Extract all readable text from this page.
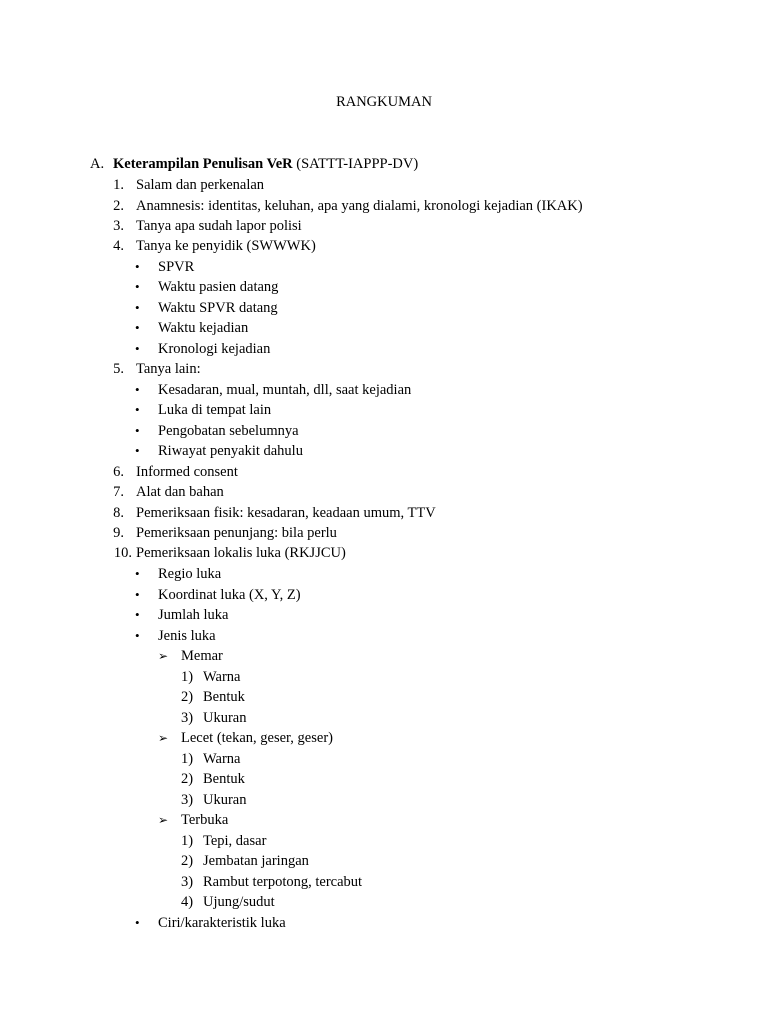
RANGKUMAN
A. Keterampilan Penulisan VeR (SATTT-IAPPP-DV)
1. Salam dan perkenalan
2. Anamnesis: identitas, keluhan, apa yang dialami, kronologi kejadian (IKAK)
3. Tanya apa sudah lapor polisi
4. Tanya ke penyidik (SWWWK)
• SPVR
• Waktu pasien datang
• Waktu SPVR datang
• Waktu kejadian
• Kronologi kejadian
5. Tanya lain:
• Kesadaran, mual, muntah, dll, saat kejadian
• Luka di tempat lain
• Pengobatan sebelumnya
• Riwayat penyakit dahulu
6. Informed consent
7. Alat dan bahan
8. Pemeriksaan fisik: kesadaran, keadaan umum, TTV
9. Pemeriksaan penunjang: bila perlu
10. Pemeriksaan lokalis luka (RKJJCU)
• Regio luka
• Koordinat luka (X, Y, Z)
• Jumlah luka
• Jenis luka
➢ Memar
1) Warna
2) Bentuk
3) Ukuran
➢ Lecet (tekan, geser, geser)
1) Warna
2) Bentuk
3) Ukuran
➢ Terbuka
1) Tepi, dasar
2) Jembatan jaringan
3) Rambut terpotong, tercabut
4) Ujung/sudut
• Ciri/karakteristik luka
